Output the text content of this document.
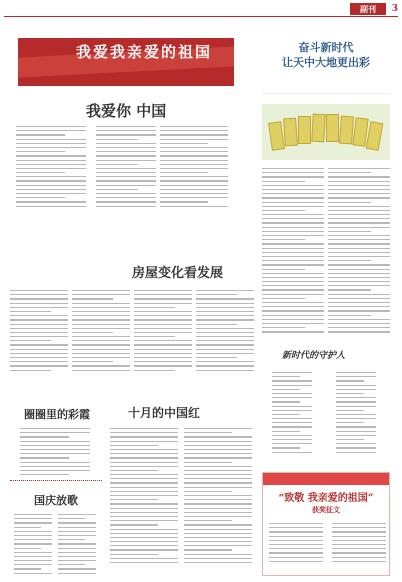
副刊	3
我爱我亲爱的祖国
我爱你 中国
房屋变化看发展
圈圈里的彩霞
国庆放歌
十月的中国红
奋斗新时代
让天中大地更出彩
新时代的守护人
“致敬 我亲爱的祖国”
获奖征文
